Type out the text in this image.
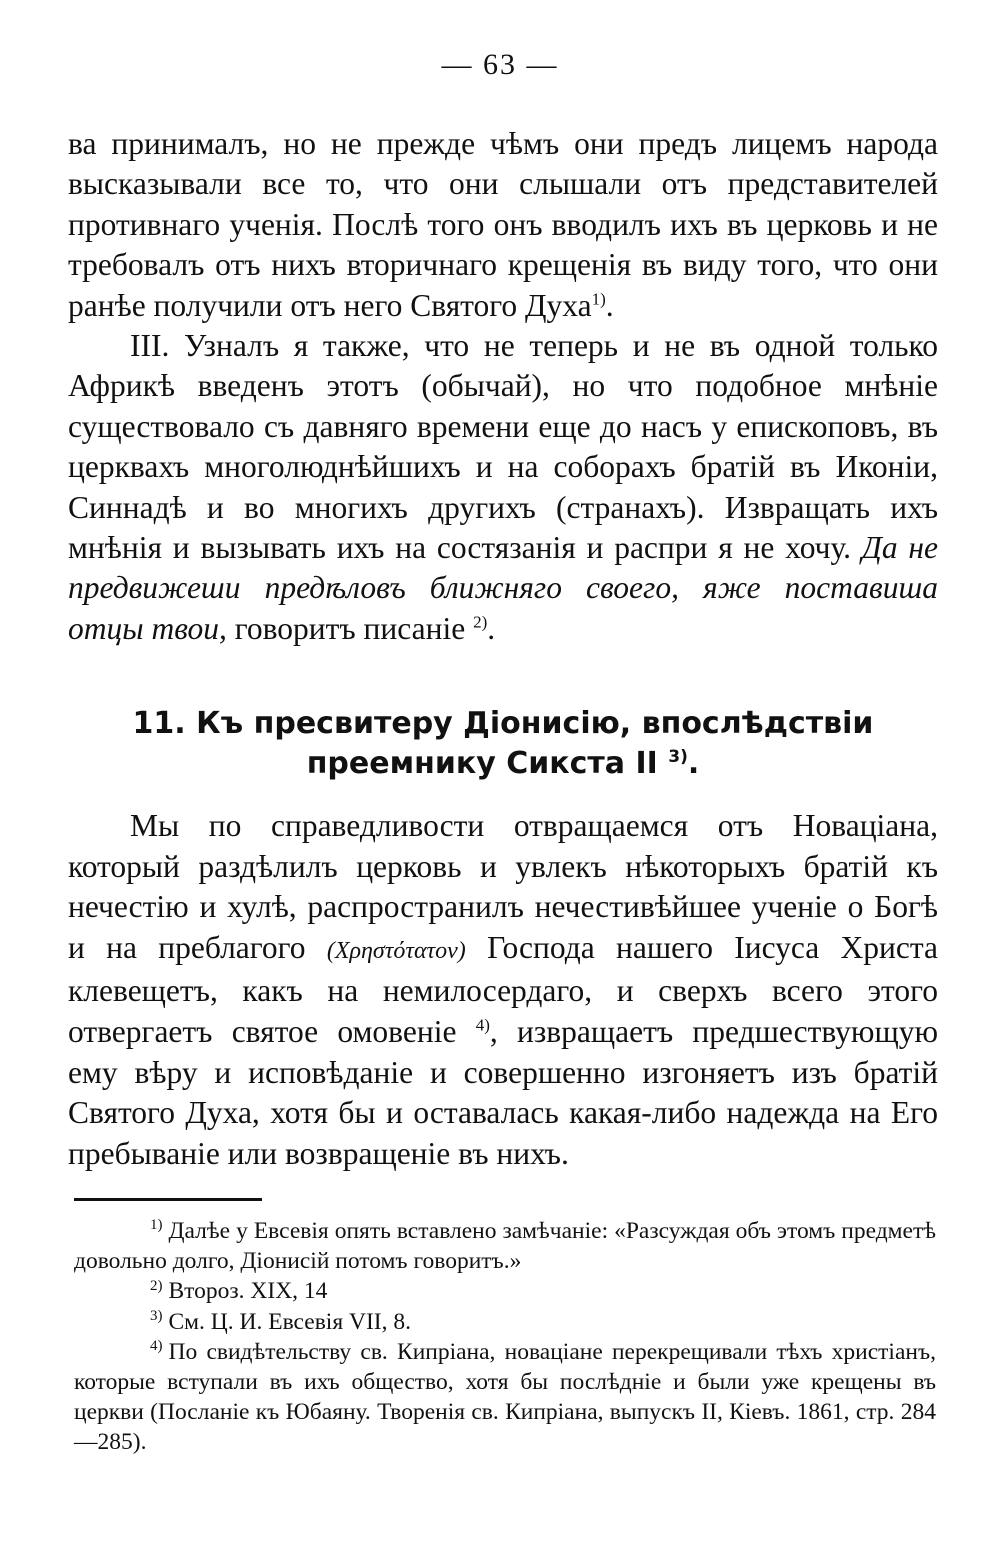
— 63 —

ва принималъ, но не прежде чѣмъ они предъ лицемъ народа высказывали все то, что они слышали отъ представителей противнаго ученія. Послѣ того онъ вводилъ ихъ въ церковь и не требовалъ отъ нихъ вторичнаго крещенія въ виду того, что они ранѣе получили отъ него Святого Духа$^{1)}$.

III. Узналъ я также, что не теперь и не въ одной только Африкѣ введенъ этотъ (обычай), но что подобное мнѣніе существовало съ давняго времени еще до насъ у епископовъ, въ церквахъ многолюднѣйшихъ и на соборахъ братій въ Иконіи, Синнадѣ и во многихъ другихъ (странахъ). Извращать ихъ мнѣнія и вызывать ихъ на состязанія и распри я не хочу. Да не предвижеши предѣловъ ближняго своего, яже поставиша отцы твои, говоритъ писаніе $^{2)}$.

11. Къ пресвитеру Діонисію, впослѣдствіи
преемнику Сикста II $^{3)}$.

Мы по справедливости отвращаемся отъ Новаціана, который раздѣлилъ церковь и увлекъ нѣкоторыхъ братій къ нечестію и хулѣ, распространилъ нечестивѣйшее ученіе о Богѣ и на преблагого (Χρηστότατον) Господа нашего Іисуса Христа клевещетъ, какъ на немилосердаго, и сверхъ всего этого отвергаетъ святое омовеніе $^{4)}$, извращаетъ предшествующую ему вѣру и исповѣданіе и совершенно изгоняетъ изъ братій Святого Духа, хотя бы и оставалась какая-либо надежда на Его пребываніе или возвращеніе въ нихъ.

$^{1)}$ Далѣе у Евсевія опять вставлено замѣчаніе: «Разсуждая объ этомъ предметѣ довольно долго, Діонисій потомъ говоритъ.»

$^{2)}$ Второз. XIX, 14

$^{3)}$ См. Ц. И. Евсевія VII, 8.

$^{4)}$ По свидѣтельству св. Кипріана, новаціане перекрещивали тѣхъ христіанъ, которые вступали въ ихъ общество, хотя бы послѣдніе и были уже крещены въ церкви (Посланіе къ Юбаяну. Творенія св. Кипріана, выпускъ II, Кіевъ. 1861, стр. 284—285).
